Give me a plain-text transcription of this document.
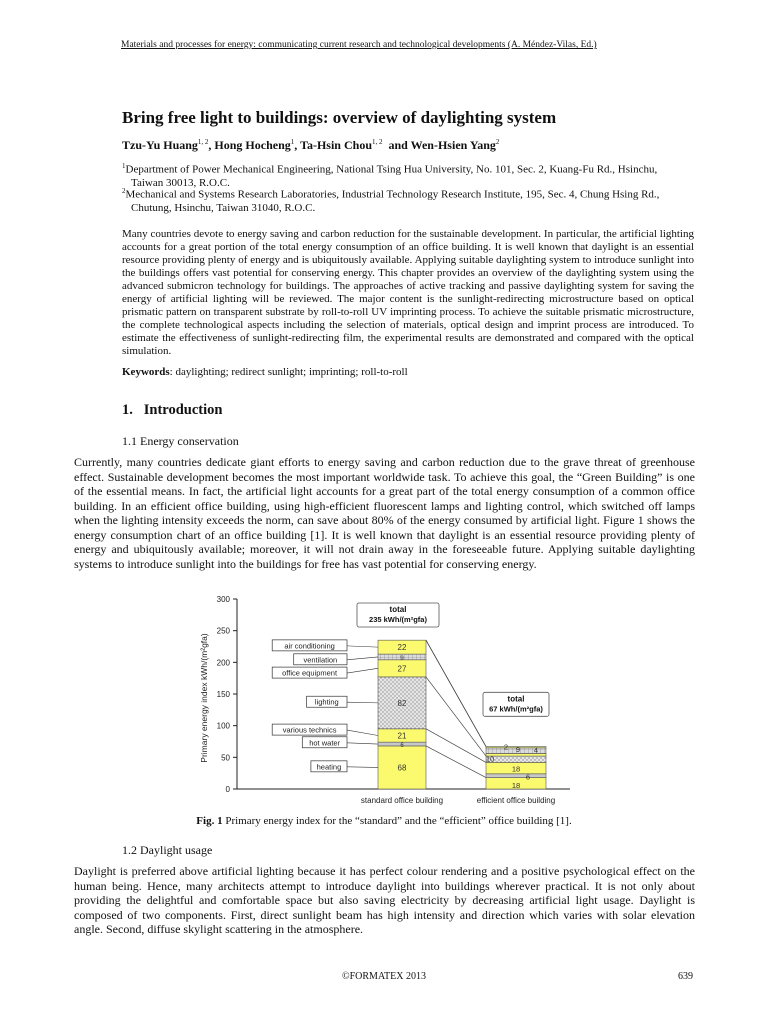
Materials and processes for energy: communicating current research and technological developments (A. Méndez-Vilas, Ed.)
Bring free light to buildings: overview of daylighting system
Tzu-Yu Huang$^{1, 2}$, Hong Hocheng$^1$, Ta-Hsin Chou$^{1, 2}$  and Wen-Hsien Yang$^2$
$^1$Department of Power Mechanical Engineering, National Tsing Hua University, No. 101, Sec. 2, Kuang-Fu Rd., Hsinchu,
Taiwan 30013, R.O.C.
$^2$Mechanical and Systems Research Laboratories, Industrial Technology Research Institute, 195, Sec. 4, Chung Hsing Rd.,
Chutung, Hsinchu, Taiwan 31040, R.O.C.
Many countries devote to energy saving and carbon reduction for the sustainable development. In particular, the artificial lighting accounts for a great portion of the total energy consumption of an office building. It is well known that daylight is an essential resource providing plenty of energy and is ubiquitously available. Applying suitable daylighting system to introduce sunlight into the buildings offers vast potential for conserving energy. This chapter provides an overview of the daylighting system using the advanced submicron technology for buildings. The approaches of active tracking and passive daylighting system for saving the energy of artificial lighting will be reviewed. The major content is the sunlight-redirecting microstructure based on optical prismatic pattern on transparent substrate by roll-to-roll UV imprinting process. To achieve the suitable prismatic microstructure, the complete technological aspects including the selection of materials, optical design and imprint process are introduced. To estimate the effectiveness of sunlight-redirecting film, the experimental results are demonstrated and compared with the optical simulation.
Keywords: daylighting; redirect sunlight; imprinting; roll-to-roll
1.   Introduction
1.1 Energy conservation
Currently, many countries dedicate giant efforts to energy saving and carbon reduction due to the grave threat of greenhouse effect. Sustainable development becomes the most important worldwide task. To achieve this goal, the “Green Building” is one of the essential means. In fact, the artificial light accounts for a great part of the total energy consumption of a common office building. In an efficient office building, using high-efficient fluorescent lamps and lighting control, which switched off lamps when the lighting intensity exceeds the norm, can save about 80% of the energy consumed by artificial light. Figure 1 shows the energy consumption chart of an office building [1]. It is well known that daylight is an essential resource providing plenty of energy and ubiquitously available; moreover, it will not drain away in the foreseeable future. Applying suitable daylighting systems to introduce sunlight into the buildings for free has vast potential for conserving energy.
0
50
100
150
200
250
300
Primary energy index kWh/(m²gfa)
standard office building	efficient office building
68
6
21
82
27
9
22
2 9 4
10
18
6
18
heating
hot water
various technics
lighting
office equipment
ventilation
air conditioning
total
235 kWh/(m²gfa)
total
67 kWh/(m²gfa)
Fig. 1 Primary energy index for the “standard” and the “efficient” office building [1].
1.2 Daylight usage
Daylight is preferred above artificial lighting because it has perfect colour rendering and a positive psychological effect on the human being. Hence, many architects attempt to introduce daylight into buildings wherever practical. It is not only about providing the delightful and comfortable space but also saving electricity by decreasing artificial light usage. Daylight is composed of two components. First, direct sunlight beam has high intensity and direction which varies with solar elevation angle. Second, diffuse skylight scattering in the atmosphere.
©FORMATEX 2013	639
